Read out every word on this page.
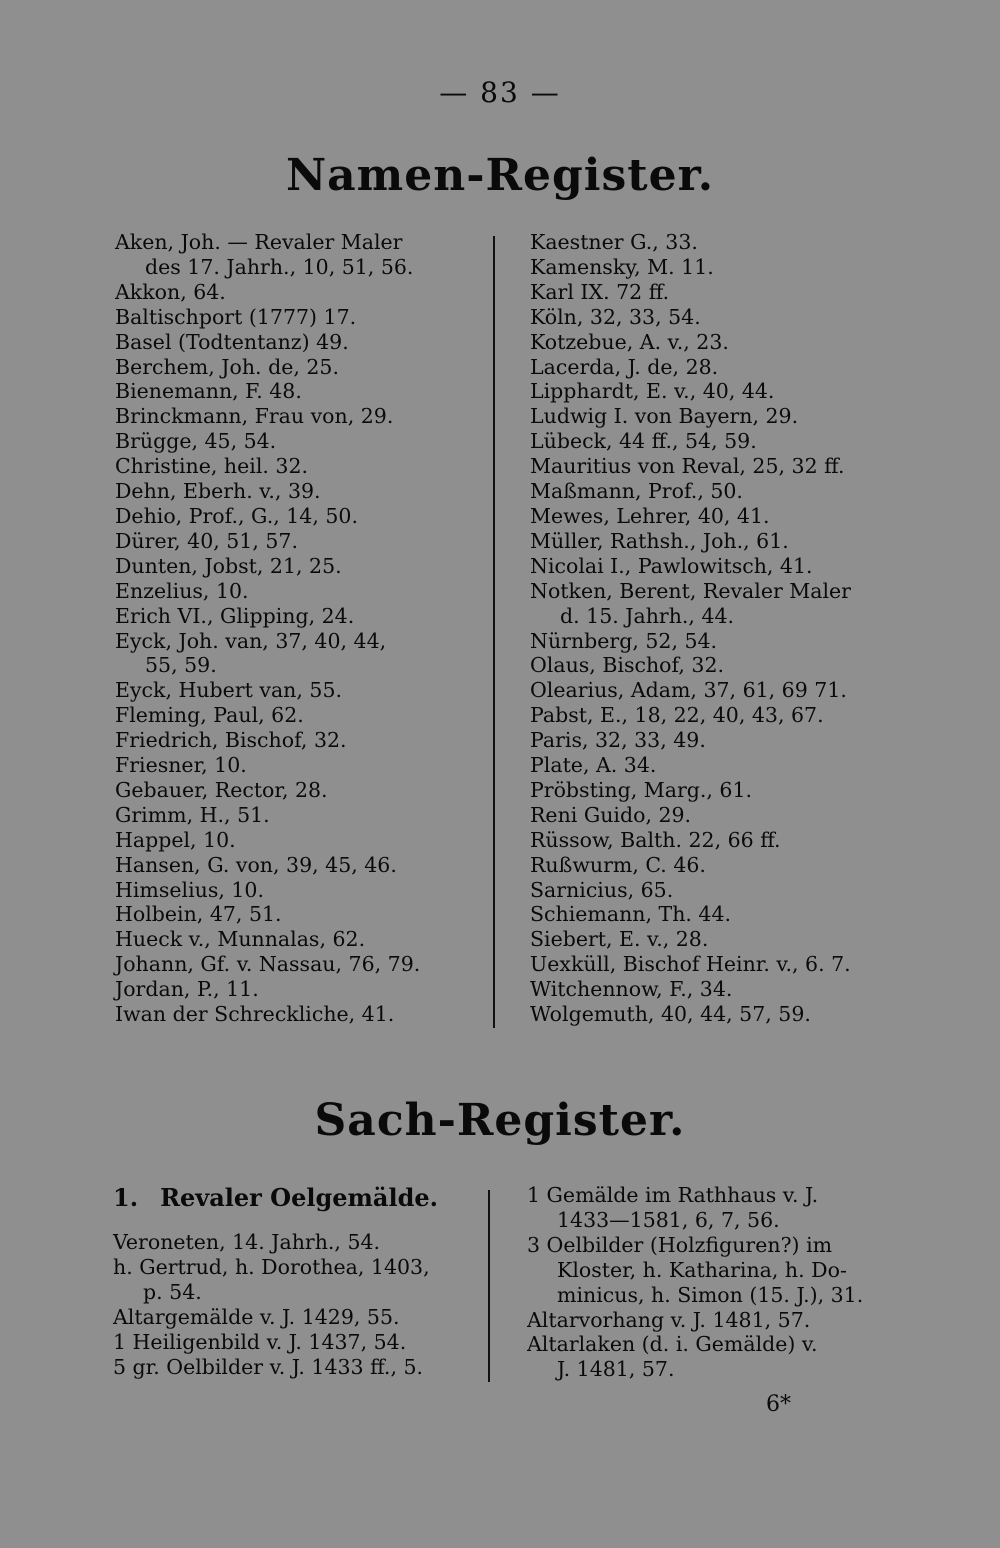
— 83 —
Namen-Register.
Aken, Joh. — Revaler Maler
des 17. Jahrh., 10, 51, 56.
Akkon, 64.
Baltischport (1777) 17.
Basel (Todtentanz) 49.
Berchem, Joh. de, 25.
Bienemann, F. 48.
Brinckmann, Frau von, 29.
Brügge, 45, 54.
Christine, heil. 32.
Dehn, Eberh. v., 39.
Dehio, Prof., G., 14, 50.
Dürer, 40, 51, 57.
Dunten, Jobst, 21, 25.
Enzelius, 10.
Erich VI., Glipping, 24.
Eyck, Joh. van, 37, 40, 44,
55, 59.
Eyck, Hubert van, 55.
Fleming, Paul, 62.
Friedrich, Bischof, 32.
Friesner, 10.
Gebauer, Rector, 28.
Grimm, H., 51.
Happel, 10.
Hansen, G. von, 39, 45, 46.
Himselius, 10.
Holbein, 47, 51.
Hueck v., Munnalas, 62.
Johann, Gf. v. Nassau, 76, 79.
Jordan, P., 11.
Iwan der Schreckliche, 41.
Kaestner G., 33.
Kamensky, M. 11.
Karl IX. 72 ff.
Köln, 32, 33, 54.
Kotzebue, A. v., 23.
Lacerda, J. de, 28.
Lipphardt, E. v., 40, 44.
Ludwig I. von Bayern, 29.
Lübeck, 44 ff., 54, 59.
Mauritius von Reval, 25, 32 ff.
Maßmann, Prof., 50.
Mewes, Lehrer, 40, 41.
Müller, Rathsh., Joh., 61.
Nicolai I., Pawlowitsch, 41.
Notken, Berent, Revaler Maler
d. 15. Jahrh., 44.
Nürnberg, 52, 54.
Olaus, Bischof, 32.
Olearius, Adam, 37, 61, 69 71.
Pabst, E., 18, 22, 40, 43, 67.
Paris, 32, 33, 49.
Plate, A. 34.
Pröbsting, Marg., 61.
Reni Guido, 29.
Rüssow, Balth. 22, 66 ff.
Rußwurm, C. 46.
Sarnicius, 65.
Schiemann, Th. 44.
Siebert, E. v., 28.
Uexküll, Bischof Heinr. v., 6. 7.
Witchennow, F., 34.
Wolgemuth, 40, 44, 57, 59.
Sach-Register.
1. Revaler Oelgemälde.
Veroneten, 14. Jahrh., 54.
h. Gertrud, h. Dorothea, 1403,
p. 54.
Altargemälde v. J. 1429, 55.
1 Heiligenbild v. J. 1437, 54.
5 gr. Oelbilder v. J. 1433 ff., 5.
1 Gemälde im Rathhaus v. J.
1433—1581, 6, 7, 56.
3 Oelbilder (Holzfiguren?) im
Kloster, h. Katharina, h. Do-
minicus, h. Simon (15. J.), 31.
Altarvorhang v. J. 1481, 57.
Altarlaken (d. i. Gemälde) v.
J. 1481, 57.
6*
